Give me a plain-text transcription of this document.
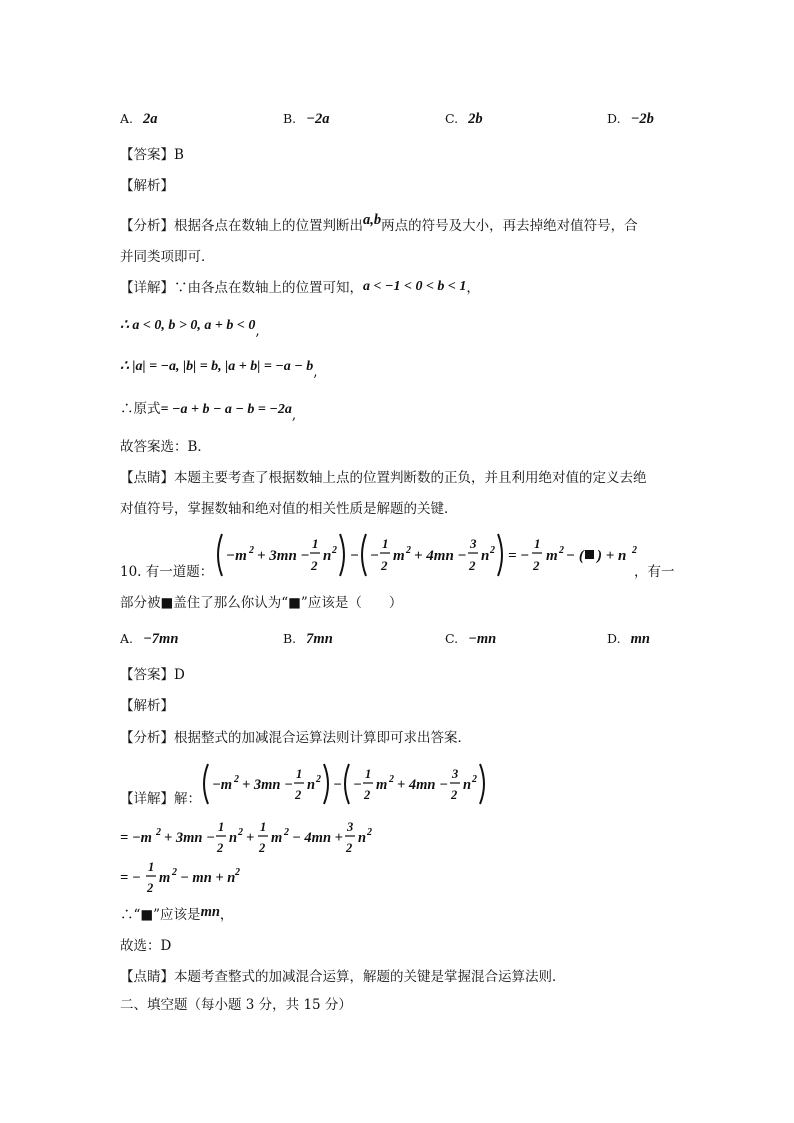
A. 2a	B. −2a	C. 2b	D. −2b
【答案】B
【解析】
【分析】根据各点在数轴上的位置判断出a,b两点的符号及大小，再去掉绝对值符号，合
并同类项即可．
【详解】∵由各点在数轴上的位置可知，a < −1 < 0 < b < 1，
∴ a < 0, b > 0, a + b < 0,
∴ |a| = −a, |b| = b, |a + b| = −a − b,
∴原式= −a + b − a − b = −2a,
故答案选：B．
【点睛】本题主要考查了根据数轴上点的位置判断数的正负，并且利用绝对值的定义去绝
对值符号，掌握数轴和绝对值的相关性质是解题的关键．
10. 有一道题：
−m 2 + 3mn −
1
2
n 2 − −
1
2
m 2 + 4mn −
3
2
n 2 = −
1
2
m 2 − ( ) + n 2
，有一
部分被■盖住了那么你认为“■”应该是（　　）
A. −7mn	B. 7mn	C. −mn	D. mn
【答案】D
【解析】
【分析】根据整式的加减混合运算法则计算即可求出答案．
【详解】解：
−m 2 + 3mn −
1
2
n 2 − −
1
2
m 2 + 4mn −
3
2
n 2
= −m 2 + 3mn −
1
2
n 2 +
1
2
m 2 − 4mn +
3
2
n 2
= −
1
2
m 2 − mn + n 2
∴“■”应该是mn，
故选：D
【点睛】本题考查整式的加减混合运算，解题的关键是掌握混合运算法则．
二、填空题（每小题 3 分，共 15 分）
